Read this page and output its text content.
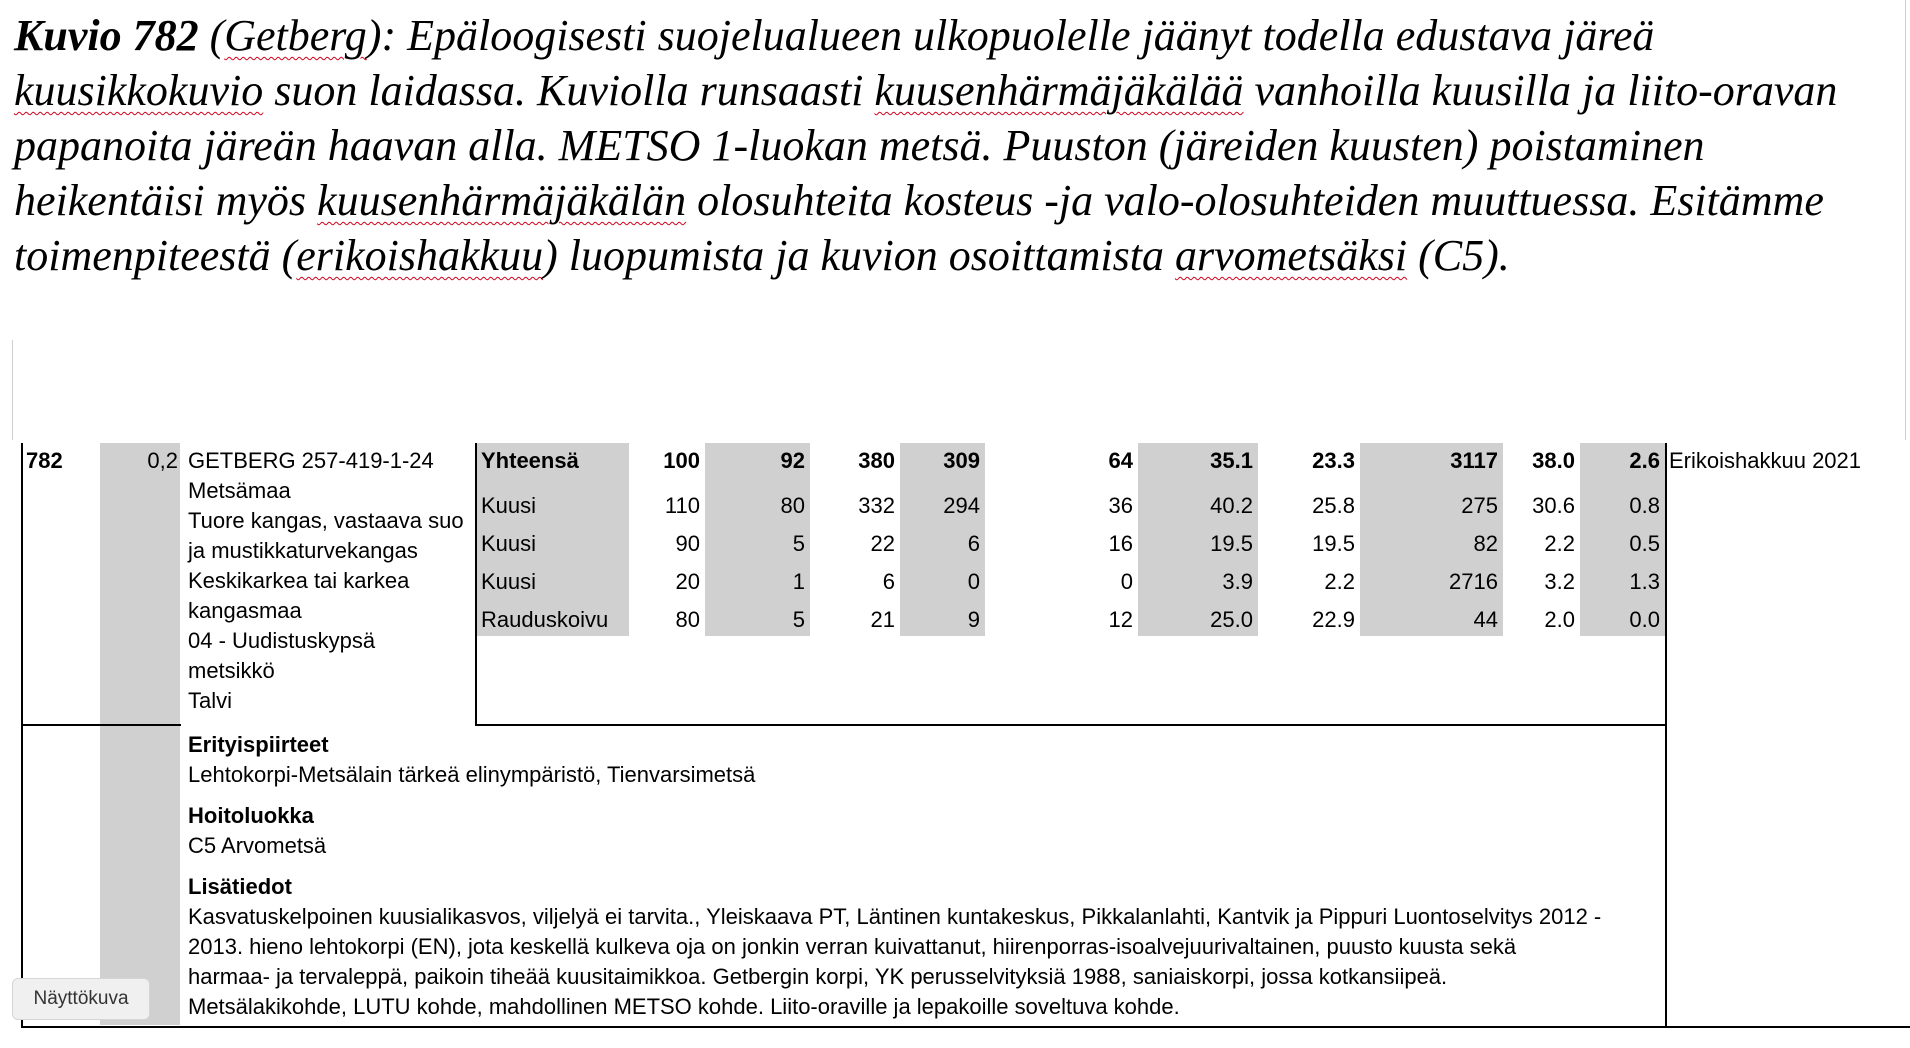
Kuvio 782 (Getberg): Epäloogisesti suojelualueen ulkopuolelle jäänyt todella edustava järeä kuusikkokuvio suon laidassa. Kuviolla runsaasti kuusenhärmäjäkälää vanhoilla kuusilla ja liito-oravan papanoita järeän haavan alla. METSO 1-luokan metsä. Puuston (järeiden kuusten) poistaminen heikentäisi myös kuusenhärmäjäkälän olosuhteita kosteus -ja valo-olosuhteiden muuttuessa. Esitämme toimenpiteestä (erikoishakkuu) luopumista ja kuvion osoittamista arvometsäksi (C5).
782	0,2 GETBERG 257-419-1-24
Metsämaa
Tuore kangas, vastaava suo
ja mustikkaturvekangas
Keskikarkea tai karkea
kangasmaa
04 - Uudistuskypsä
metsikkö
Talvi
Yhteensä	100	92	380	309	64	35.1	23.3	3117	38.0	2.6
Kuusi	110	80	332	294	36	40.2	25.8	275	30.6	0.8
Kuusi	90	5	22	6	16	19.5	19.5	82	2.2	0.5
Kuusi	20	1	6	0	0	3.9	2.2	2716	3.2	1.3
Rauduskoivu	80	5	21	9	12	25.0	22.9	44	2.0	0.0
Erikoishakkuu 2021
Erityispiirteet
Lehtokorpi-Metsälain tärkeä elinympäristö, Tienvarsimetsä
Hoitoluokka
C5 Arvometsä
Lisätiedot
Kasvatuskelpoinen kuusialikasvos, viljelyä ei tarvita., Yleiskaava PT, Läntinen kuntakeskus, Pikkalanlahti, Kantvik ja Pippuri Luontoselvitys 2012 -
2013. hieno lehtokorpi (EN), jota keskellä kulkeva oja on jonkin verran kuivattanut, hiirenporras-isoalvejuurivaltainen, puusto kuusta sekä
harmaa- ja tervaleppä, paikoin tiheää kuusitaimikkoa. Getbergin korpi, YK perusselvityksiä 1988, saniaiskorpi, jossa kotkansiipeä.
Metsälakikohde, LUTU kohde, mahdollinen METSO kohde. Liito-oraville ja lepakoille soveltuva kohde.
Näyttökuva
